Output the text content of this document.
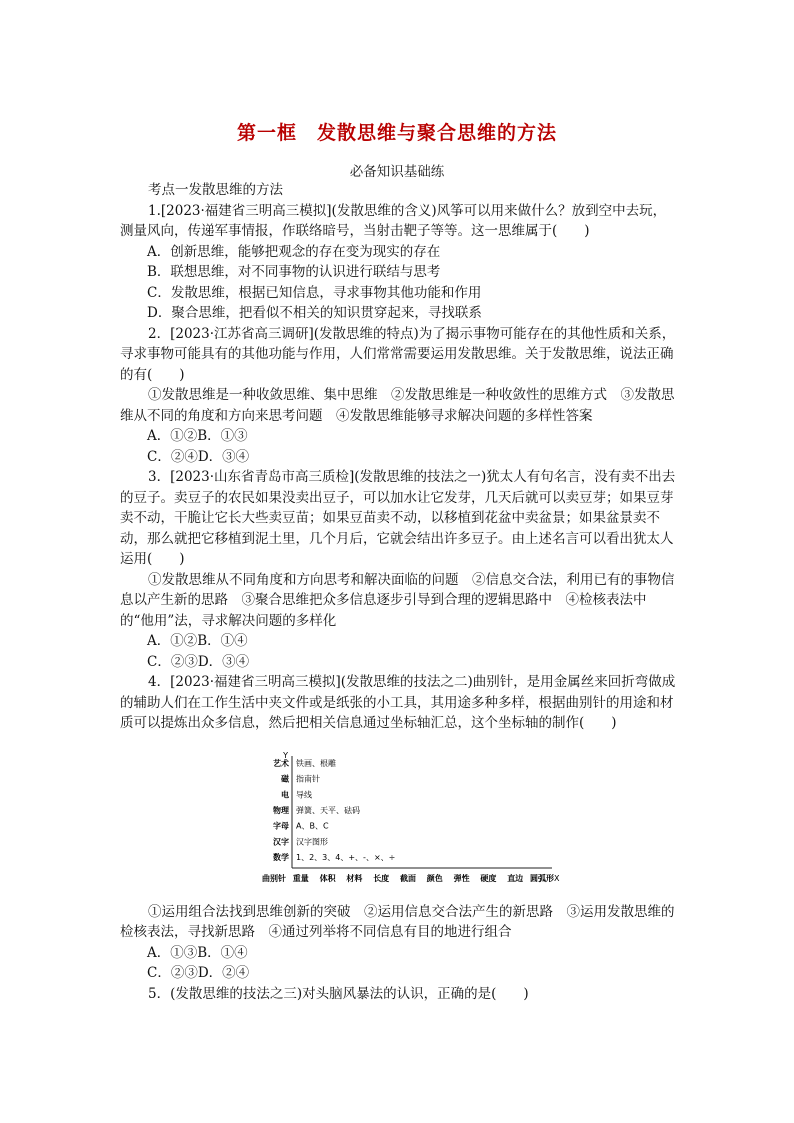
第一框　发散思维与聚合思维的方法
必备知识基础练

考点一发散思维的方法

1.[2023·福建省三明高三模拟](发散思维的含义)风筝可以用来做什么？放到空中去玩，测量风向，传递军事情报，作联络暗号，当射击靶子等等。这一思维属于(　　)

A．创新思维，能够把观念的存在变为现实的存在

B．联想思维，对不同事物的认识进行联结与思考

C．发散思维，根据已知信息，寻求事物其他功能和作用

D．聚合思维，把看似不相关的知识贯穿起来，寻找联系

2．[2023·江苏省高三调研](发散思维的特点)为了揭示事物可能存在的其他性质和关系，寻求事物可能具有的其他功能与作用，人们常常需要运用发散思维。关于发散思维，说法正确的有(　　)

①发散思维是一种收敛思维、集中思维　②发散思维是一种收敛性的思维方式　③发散思维从不同的角度和方向来思考问题　④发散思维能够寻求解决问题的多样性答案

A．①②B．①③

C．②④D．③④

3．[2023·山东省青岛市高三质检](发散思维的技法之一)犹太人有句名言，没有卖不出去的豆子。卖豆子的农民如果没卖出豆子，可以加水让它发芽，几天后就可以卖豆芽；如果豆芽卖不动，干脆让它长大些卖豆苗；如果豆苗卖不动，以移植到花盆中卖盆景；如果盆景卖不动，那么就把它移植到泥土里，几个月后，它就会结出许多豆子。由上述名言可以看出犹太人运用(　　)

①发散思维从不同角度和方向思考和解决面临的问题　②信息交合法，利用已有的事物信息以产生新的思路　③聚合思维把众多信息逐步引导到合理的逻辑思路中　④检核表法中的“他用”法，寻求解决问题的多样化

A．①②B．①④

C．②③D．③④

4．[2023·福建省三明高三模拟](发散思维的技法之二)曲别针，是用金属丝来回折弯做成的辅助人们在工作生活中夹文件或是纸张的小工具，其用途多种多样，根据曲别针的用途和材质可以提炼出众多信息，然后把相关信息通过坐标轴汇总，这个坐标轴的制作(　　)

Y
X
艺术 铁画、根雕
磁 指南针
电 导线
物理 弹簧、天平、砝码
字母 A、B、C
汉字 汉字图形
数学 1、2、3、4、+、-、×、÷
曲别针 重量 体积 材料 长度 截面 颜色 弹性 硬度 直边 圆弧形

①运用组合法找到思维创新的突破　②运用信息交合法产生的新思路　③运用发散思维的检核表法，寻找新思路　④通过列举将不同信息有目的地进行组合

A．①③B．①④

C．②③D．②④

5．(发散思维的技法之三)对头脑风暴法的认识，正确的是(　　)
